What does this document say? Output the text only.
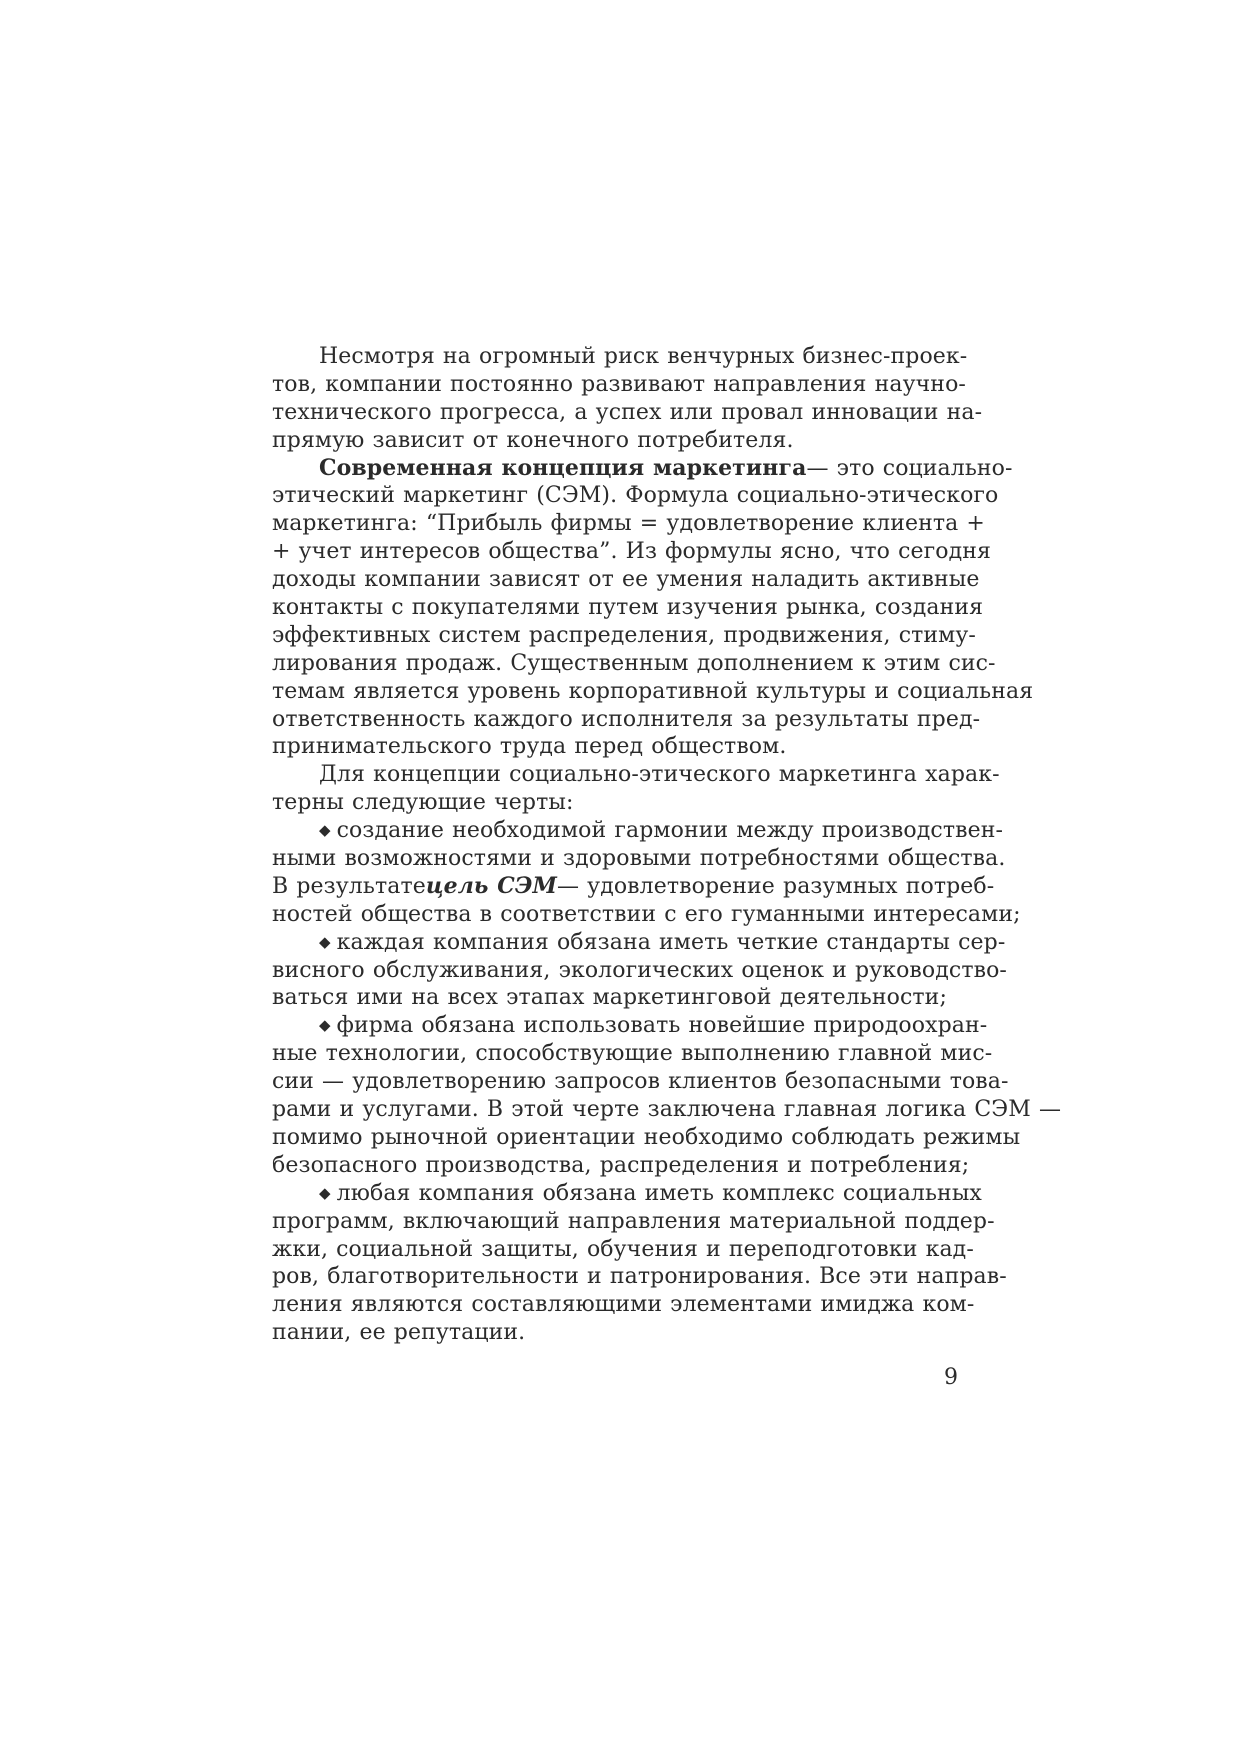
Несмотря на огромный риск венчурных бизнес-проек-
тов, компании постоянно развивают направления научно-
технического прогресса, а успех или провал инновации на-
прямую зависит от конечного потребителя.
Современная концепция маркетинга — это социально-
этический маркетинг (СЭМ). Формула социально-этического
маркетинга: “Прибыль фирмы = удовлетворение клиента +
+ учет интересов общества”. Из формулы ясно, что сегодня
доходы компании зависят от ее умения наладить активные
контакты с покупателями путем изучения рынка, создания
эффективных систем распределения, продвижения, стиму-
лирования продаж. Существенным дополнением к этим сис-
темам является уровень корпоративной культуры и социальная
ответственность каждого исполнителя за результаты пред-
принимательского труда перед обществом.
Для концепции социально-этического маркетинга харак-
терны следующие черты:
◆ создание необходимой гармонии между производствен-
ными возможностями и здоровыми потребностями общества.
В результате цель СЭМ — удовлетворение разумных потреб-
ностей общества в соответствии с его гуманными интересами;
◆ каждая компания обязана иметь четкие стандарты сер-
висного обслуживания, экологических оценок и руководство-
ваться ими на всех этапах маркетинговой деятельности;
◆ фирма обязана использовать новейшие природоохран-
ные технологии, способствующие выполнению главной мис-
сии — удовлетворению запросов клиентов безопасными това-
рами и услугами. В этой черте заключена главная логика СЭМ —
помимо рыночной ориентации необходимо соблюдать режимы
безопасного производства, распределения и потребления;
◆ любая компания обязана иметь комплекс социальных
программ, включающий направления материальной поддер-
жки, социальной защиты, обучения и переподготовки кад-
ров, благотворительности и патронирования. Все эти направ-
ления являются составляющими элементами имиджа ком-
пании, ее репутации.
9
